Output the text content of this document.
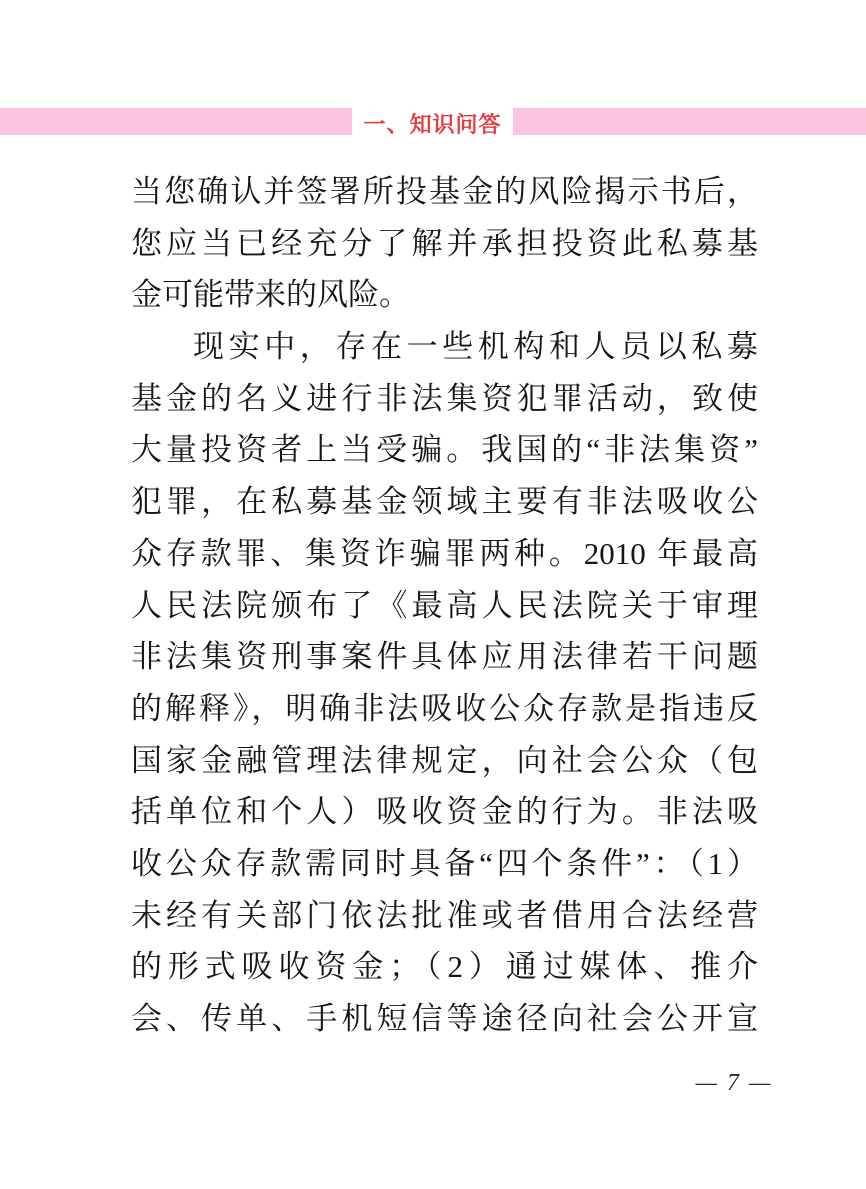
一、知识问答

当您确认并签署所投基金的风险揭示书后，

您应当已经充分了解并承担投资此私募基

金可能带来的风险。

现实中，存在一些机构和人员以私募

基金的名义进行非法集资犯罪活动，致使

大量投资者上当受骗。我国的“非法集资”

犯罪，在私募基金领域主要有非法吸收公

众存款罪、集资诈骗罪两种。2010 年最高

人民法院颁布了《最高人民法院关于审理

非法集资刑事案件具体应用法律若干问题

的解释》，明确非法吸收公众存款是指违反

国家金融管理法律规定，向社会公众（包

括单位和个人）吸收资金的行为。非法吸

收公众存款需同时具备“四个条件”：（1）

未经有关部门依法批准或者借用合法经营

的形式吸收资金；（2）通过媒体、推介

会、传单、手机短信等途径向社会公开宣

— 7 —
